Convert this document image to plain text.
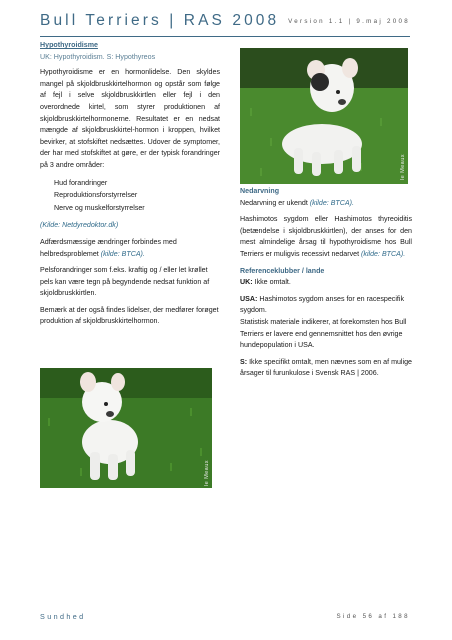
Bull Terriers | RAS 2008 Version 1.1 | 9.maj 2008
Hypothyroidisme
UK: Hypothyroidism. S: Hypothyreos

Hypothyroidisme er en hormonlidelse. Den skyldes mangel på skjoldbruskkirtelhormon og opstår som følge af fejl i selve skjoldbruskkirtlen eller fejl i den overordnede kirtel, som styrer produktionen af skjoldbruskkirtelhormonerne. Resultatet er en nedsat mængde af skjoldbruskkirtel-hormon i kroppen, hvilket bevirker, at stofskiftet nedsættes. Udover de symptomer, der har med stofskiftet at gøre, er der typisk forandringer på 3 andre områder:

Hud forandringer
Reproduktionsforstyrrelser
Nerve og muskelforstyrrelser

(Kilde: Netdyredoktor.dk)

Adfærdsmæssige ændringer forbindes med helbredsproblemet (kilde: BTCA).

Pelsforandringer som f.eks. kraftig og / eller let krøllet pels kan være tegn på begyndende nedsat funktion af skjoldbruskkirtlen.

Bemærk at der også findes lidelser, der medfører forøget produktion af skjoldbruskkirtelhormon.

le Meaux
Nedarvning

Nedarvning er ukendt (kilde: BTCA).

Hashimotos sygdom eller Hashimotos thyreoiditis (betændelse i skjoldbruskkirtlen), der anses for den mest almindelige årsag til hypothyroidisme hos Bull Terriers er muligvis recessivt nedarvet (kilde: BTCA).

Referenceklubber / lande

UK: Ikke omtalt.

USA: Hashimotos sygdom anses for en racespecifik sygdom.

Statistisk materiale indikerer, at forekomsten hos Bull Terriers er lavere end gennemsnittet hos den øvrige hundepopulation i USA.

S: Ikke specifikt omtalt, men nævnes som en af mulige årsager til furunkulose i Svensk RAS | 2006.

le Meaux
Sundhed	Side 56 af 188
